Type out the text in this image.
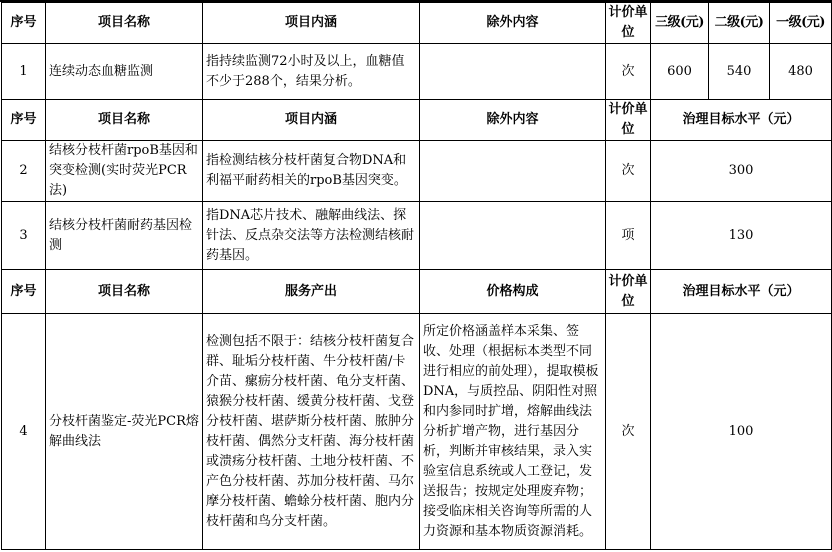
序号	项目名称	项目内涵	除外内容	计价单位	三级(元)	二级(元)	一级(元)
1	连续动态血糖监测	指持续监测72小时及以上，血糖值不少于288个，结果分析。		次	600	540	480
序号	项目名称	项目内涵	除外内容	计价单位	治理目标水平（元）		
2	结核分枝杆菌rpoB基因和突变检测(实时荧光PCR法)	指检测结核分枝杆菌复合物DNA和利福平耐药相关的rpoB基因突变。		次	300		
3	结核分枝杆菌耐药基因检测	指DNA芯片技术、融解曲线法、探针法、反点杂交法等方法检测结核耐药基因。		项	130		
序号	项目名称	服务产出	价格构成	计价单位	治理目标水平（元）		
4	分枝杆菌鉴定-荧光PCR熔解曲线法	检测包括不限于：结核分枝杆菌复合群、耻垢分枝杆菌、牛分枝杆菌/卡介苗、瘰疬分枝杆菌、龟分支杆菌、猿猴分枝杆菌、缓黄分枝杆菌、戈登分枝杆菌、堪萨斯分枝杆菌、脓肿分枝杆菌、偶然分支杆菌、海分枝杆菌或溃疡分枝杆菌、土地分枝杆菌、不产色分枝杆菌、苏加分枝杆菌、马尔摩分枝杆菌、蟾蜍分枝杆菌、胞内分枝杆菌和鸟分支杆菌。	所定价格涵盖样本采集、签收、处理（根据标本类型不同进行相应的前处理），提取模板DNA，与质控品、阴阳性对照和内参同时扩增，熔解曲线法分析扩增产物，进行基因分析，判断并审核结果，录入实验室信息系统或人工登记，发送报告；按规定处理废弃物；接受临床相关咨询等所需的人力资源和基本物质资源消耗。	次	100		
